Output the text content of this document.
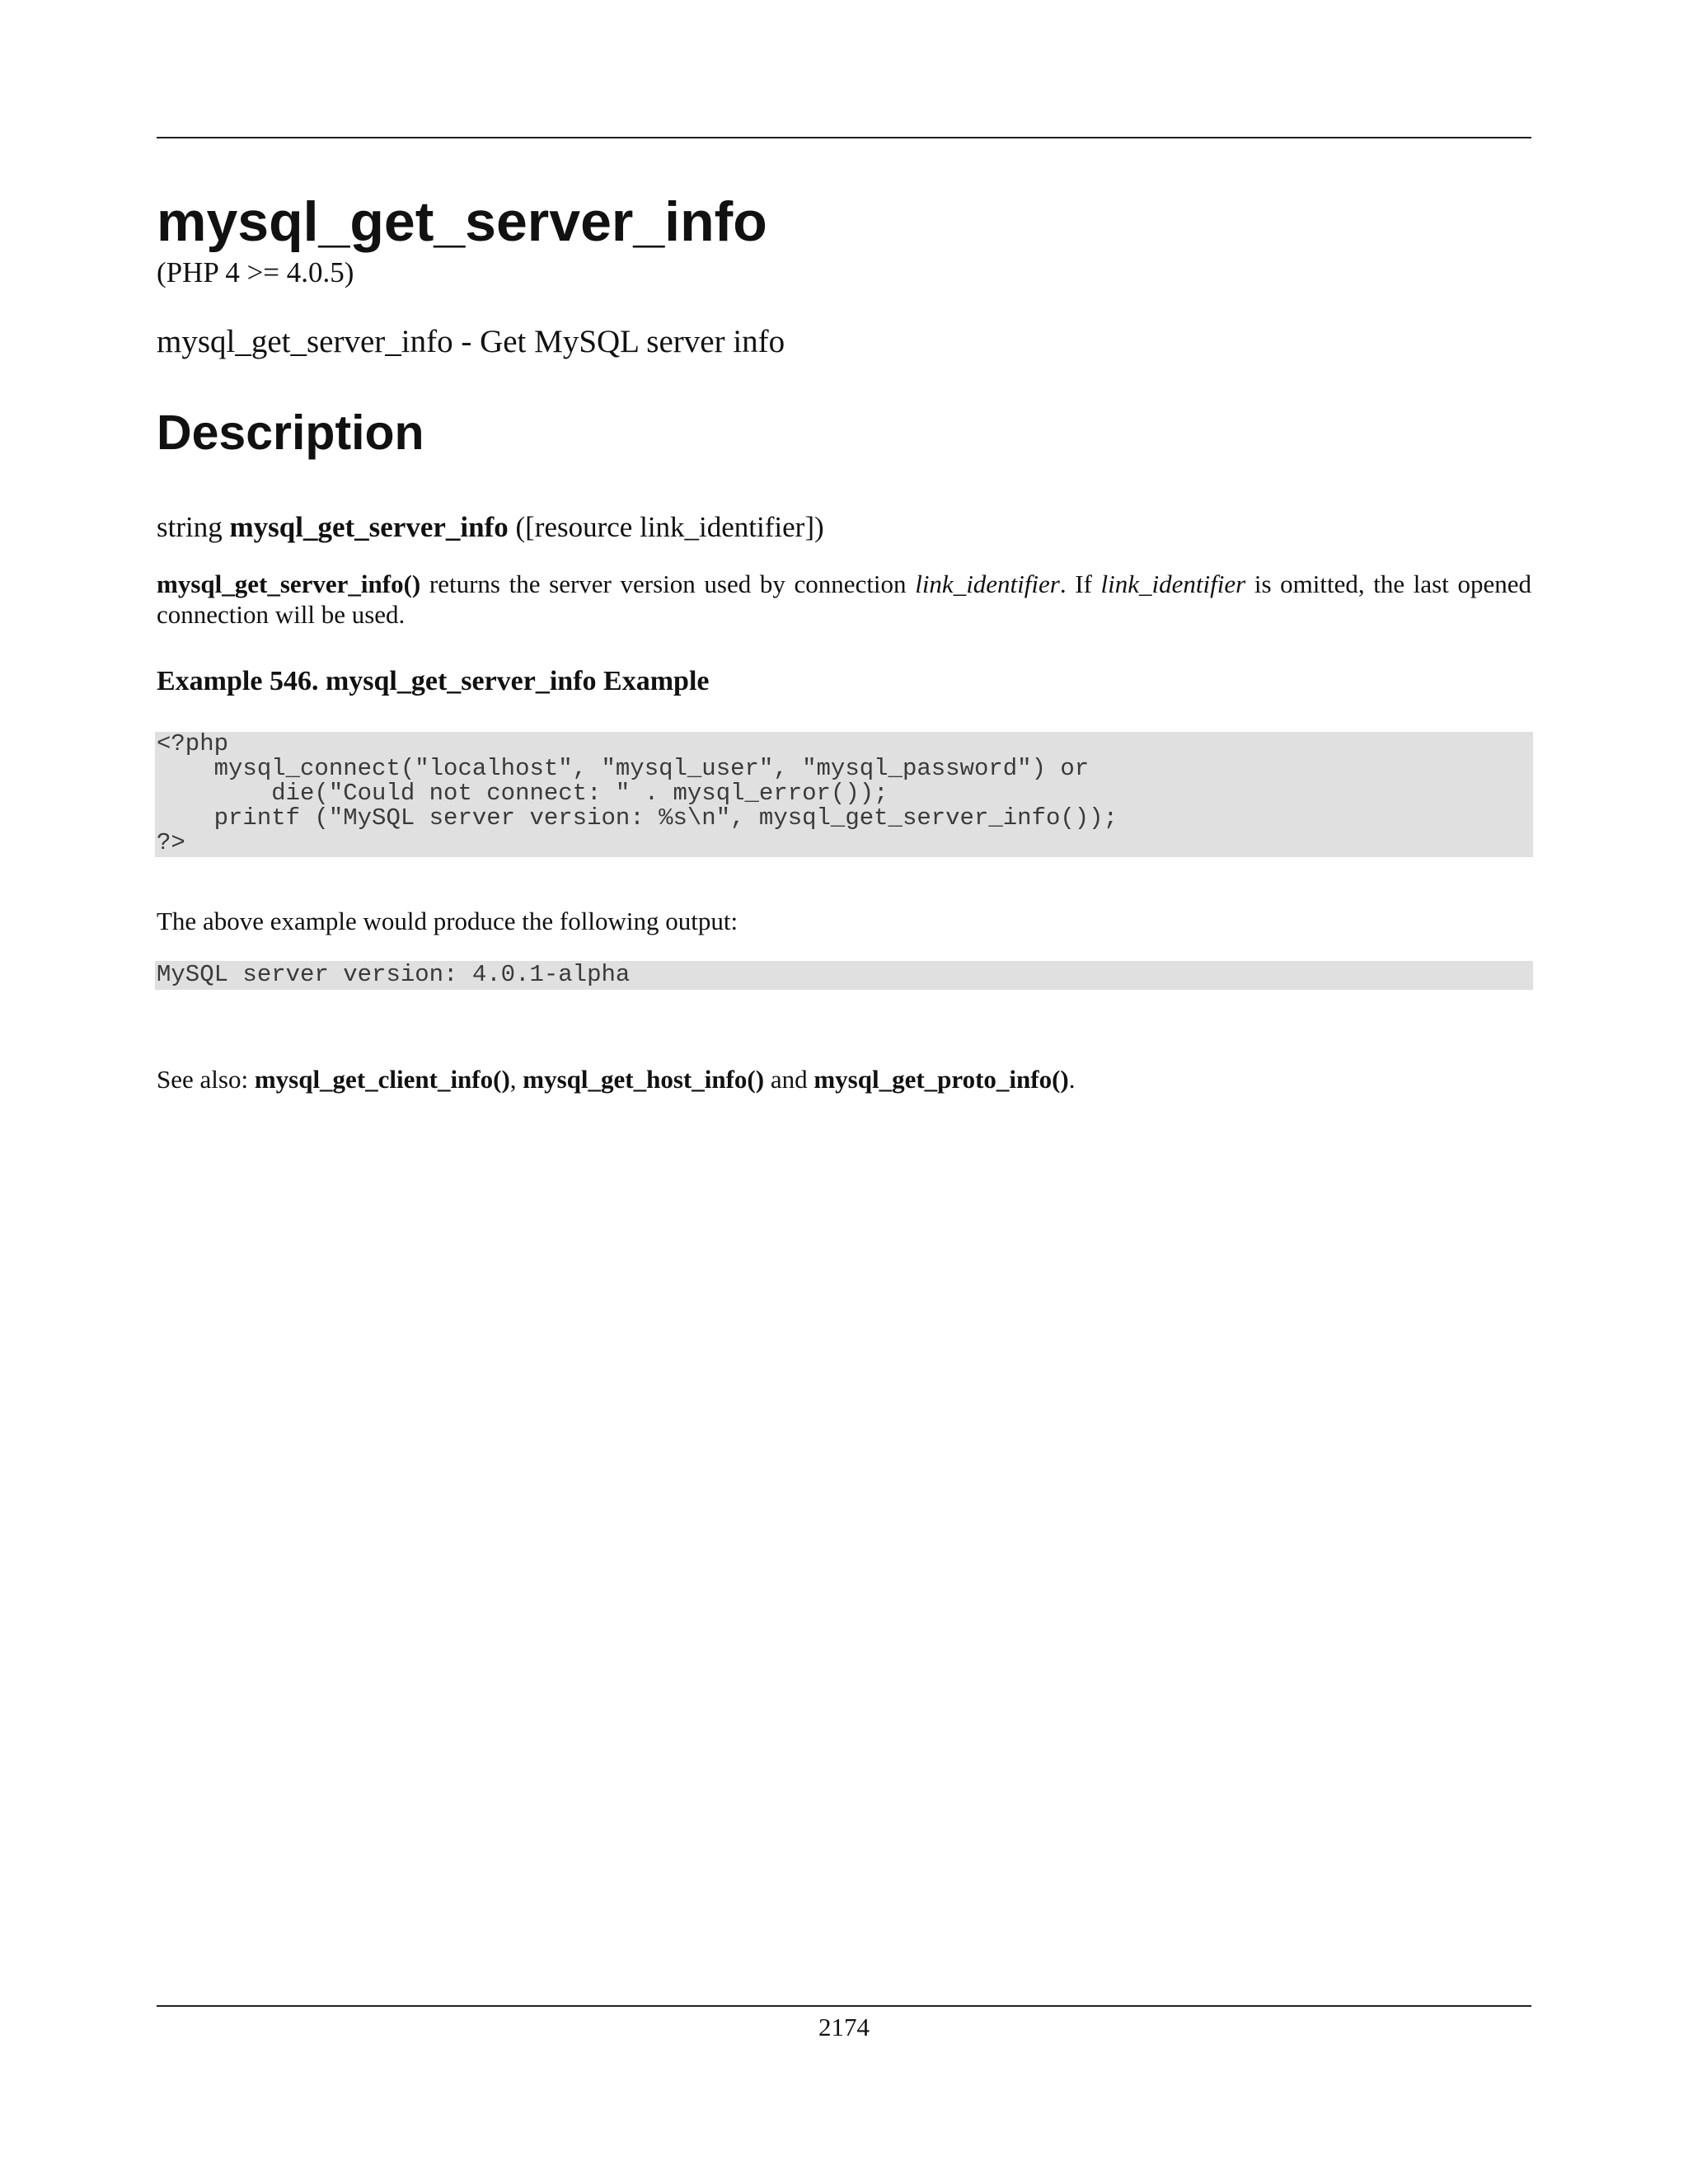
mysql_get_server_info
(PHP 4 >= 4.0.5)
mysql_get_server_info - Get MySQL server info
Description
string mysql_get_server_info ([resource link_identifier])
mysql_get_server_info() returns the server version used by connection link_identifier. If link_identifier is omitted, the last opened connection will be used.
Example 546. mysql_get_server_info Example
<?php
mysql_connect("localhost", "mysql_user", "mysql_password") or
die("Could not connect: " . mysql_error());
printf ("MySQL server version: %s\n", mysql_get_server_info());
?>
The above example would produce the following output:
MySQL server version: 4.0.1-alpha
See also: mysql_get_client_info(), mysql_get_host_info() and mysql_get_proto_info().
2174
